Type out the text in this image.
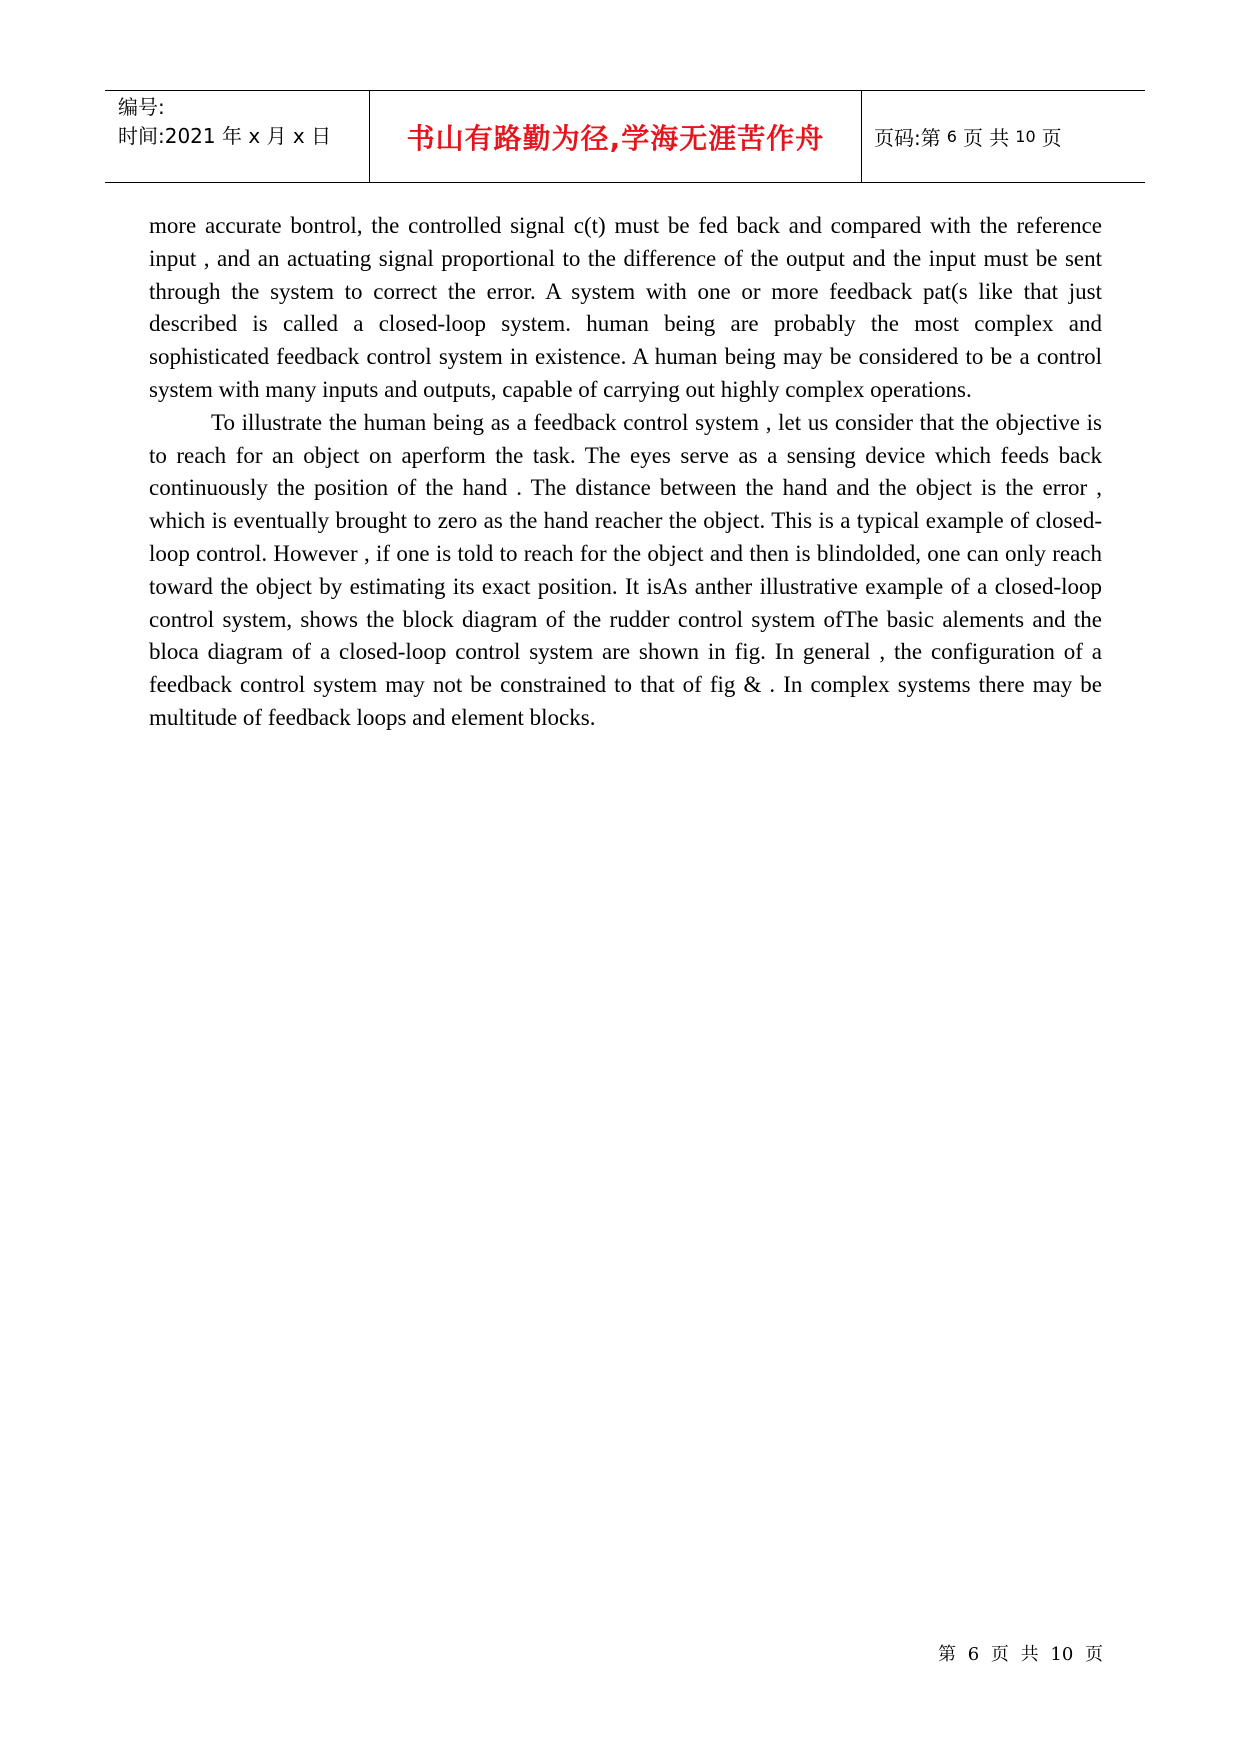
编号:
时间:2021 年 x 月 x 日	书山有路勤为径,学海无涯苦作舟 页码:第 6 页 共 10 页

more accurate bontrol, the controlled signal c(t) must be fed back and compared with the reference input , and an actuating signal proportional to the difference of the output and the input must be sent through the system to correct the error. A system with one or more feedback pat(s like that just described is called a closed-loop system. human being are probably the most complex and sophisticated feedback control system in existence. A human being may be considered to be a control system with many inputs and outputs, capable of carrying out highly complex operations.

To illustrate the human being as a feedback control system , let us consider that the objective is to reach for an object on aperform the task. The eyes serve as a sensing device which feeds back continuously the position of the hand . The distance between the hand and the object is the error , which is eventually brought to zero as the hand reacher the object. This is a typical example of closed-loop control. However , if one is told to reach for the object and then is blindolded, one can only reach toward the object by estimating its exact position. It isAs anther illustrative example of a closed-loop control system, shows the block diagram of the rudder control system ofThe basic alements and the bloca diagram of a closed-loop control system are shown in fig. In general , the configuration of a feedback control system may not be constrained to that of fig & . In complex systems there may be multitude of feedback loops and element blocks.

第 6 页 共 10 页
